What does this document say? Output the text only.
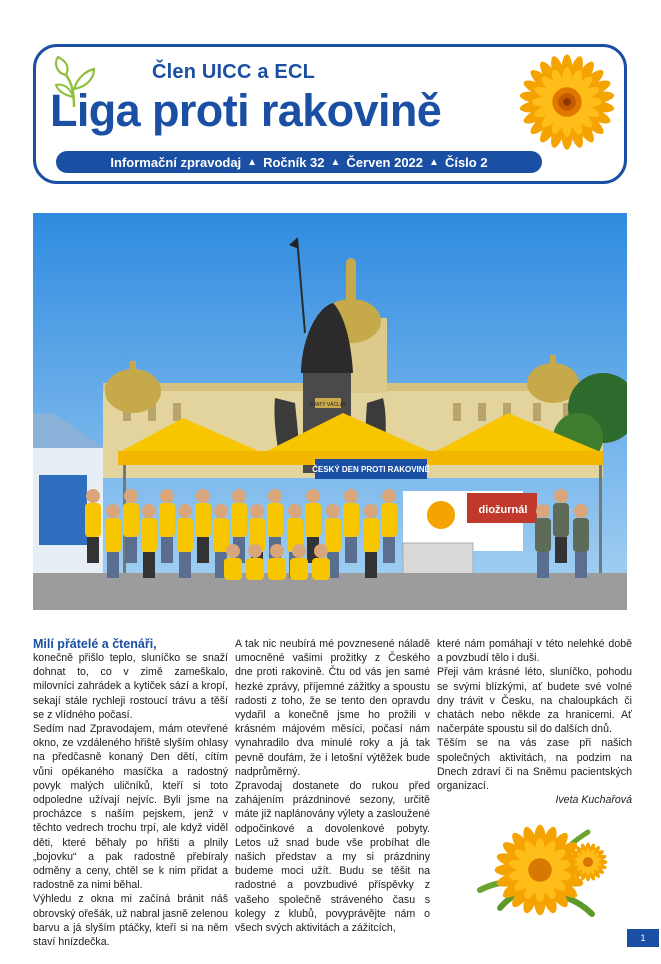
Člen UICC a ECL
Liga proti rakovině
Informační zpravodaj ▲ Ročník 32 ▲ Červen 2022 ▲ Číslo 2
SVATÝ VÁCLAV
ČESKÝ DEN PROTI RAKOVINĚ
diožurnál

Milí přátelé a čtenáři,

konečně přišlo teplo, sluníčko se snaží dohnat to, co v zimě zameškalo, milovníci zahrádek a kytiček sází a kropí, sekají stále rychleji rostoucí trávu a těší se z vlídného počasí.

Sedím nad Zpravodajem, mám otevřené okno, ze vzdáleného hřiště slyším ohlasy na předčasně konaný Den dětí, cítím vůni opékaného masíčka a radostný povyk malých uličníků, kteří si toto odpoledne užívají nejvíc. Byli jsme na procházce s naším pejskem, jenž v těchto vedrech trochu trpí, ale když viděl děti, které běhaly po hřišti a plnily „bojovku“ a pak radostně přebíraly odměny a ceny, chtěl se k nim přidat a radostně za nimi běhal.

Výhledu z okna mi začíná bránit náš obrovský ořešák, už nabral jasně zelenou barvu a já slyším ptáčky, kteří si na něm staví hnízdečka.

A tak nic neubírá mé povznesené náladě umocněné vašimi prožitky z Českého dne proti rakovině. Čtu od vás jen samé hezké zprávy, příjemné zážitky a spoustu radosti z toho, že se tento den opravdu vydařil a konečně jsme ho prožili v krásném májovém měsíci, počasí nám vynahradilo dva minulé roky a já tak pevně doufám, že i letošní výtěžek bude nadprůměrný.

Zpravodaj dostanete do rukou před zahájením prázdninové sezony, určitě máte již naplánovány výlety a zasloužené odpočinkové a dovolenkové pobyty. Letos už snad bude vše probíhat dle našich představ a my si prázdniny budeme moci užít. Budu se těšit na radostné a povzbudivé příspěvky z vašeho společně stráveného času s kolegy z klubů, povyprávějte nám o všech svých aktivitách a zážitcích,

které nám pomáhají v této nelehké době a povzbudí tělo i duši.

Přeji vám krásné léto, sluníčko, pohodu se svými blízkými, ať budete své volné dny trávit v Česku, na chaloupkách či chatách nebo někde za hranicemi. Ať načerpáte spoustu sil do dalších dnů.

Těším se na vás zase při našich společných aktivitách, na podzim na Dnech zdraví či na Sněmu pacientských organizací.

Iveta Kuchařová

1
